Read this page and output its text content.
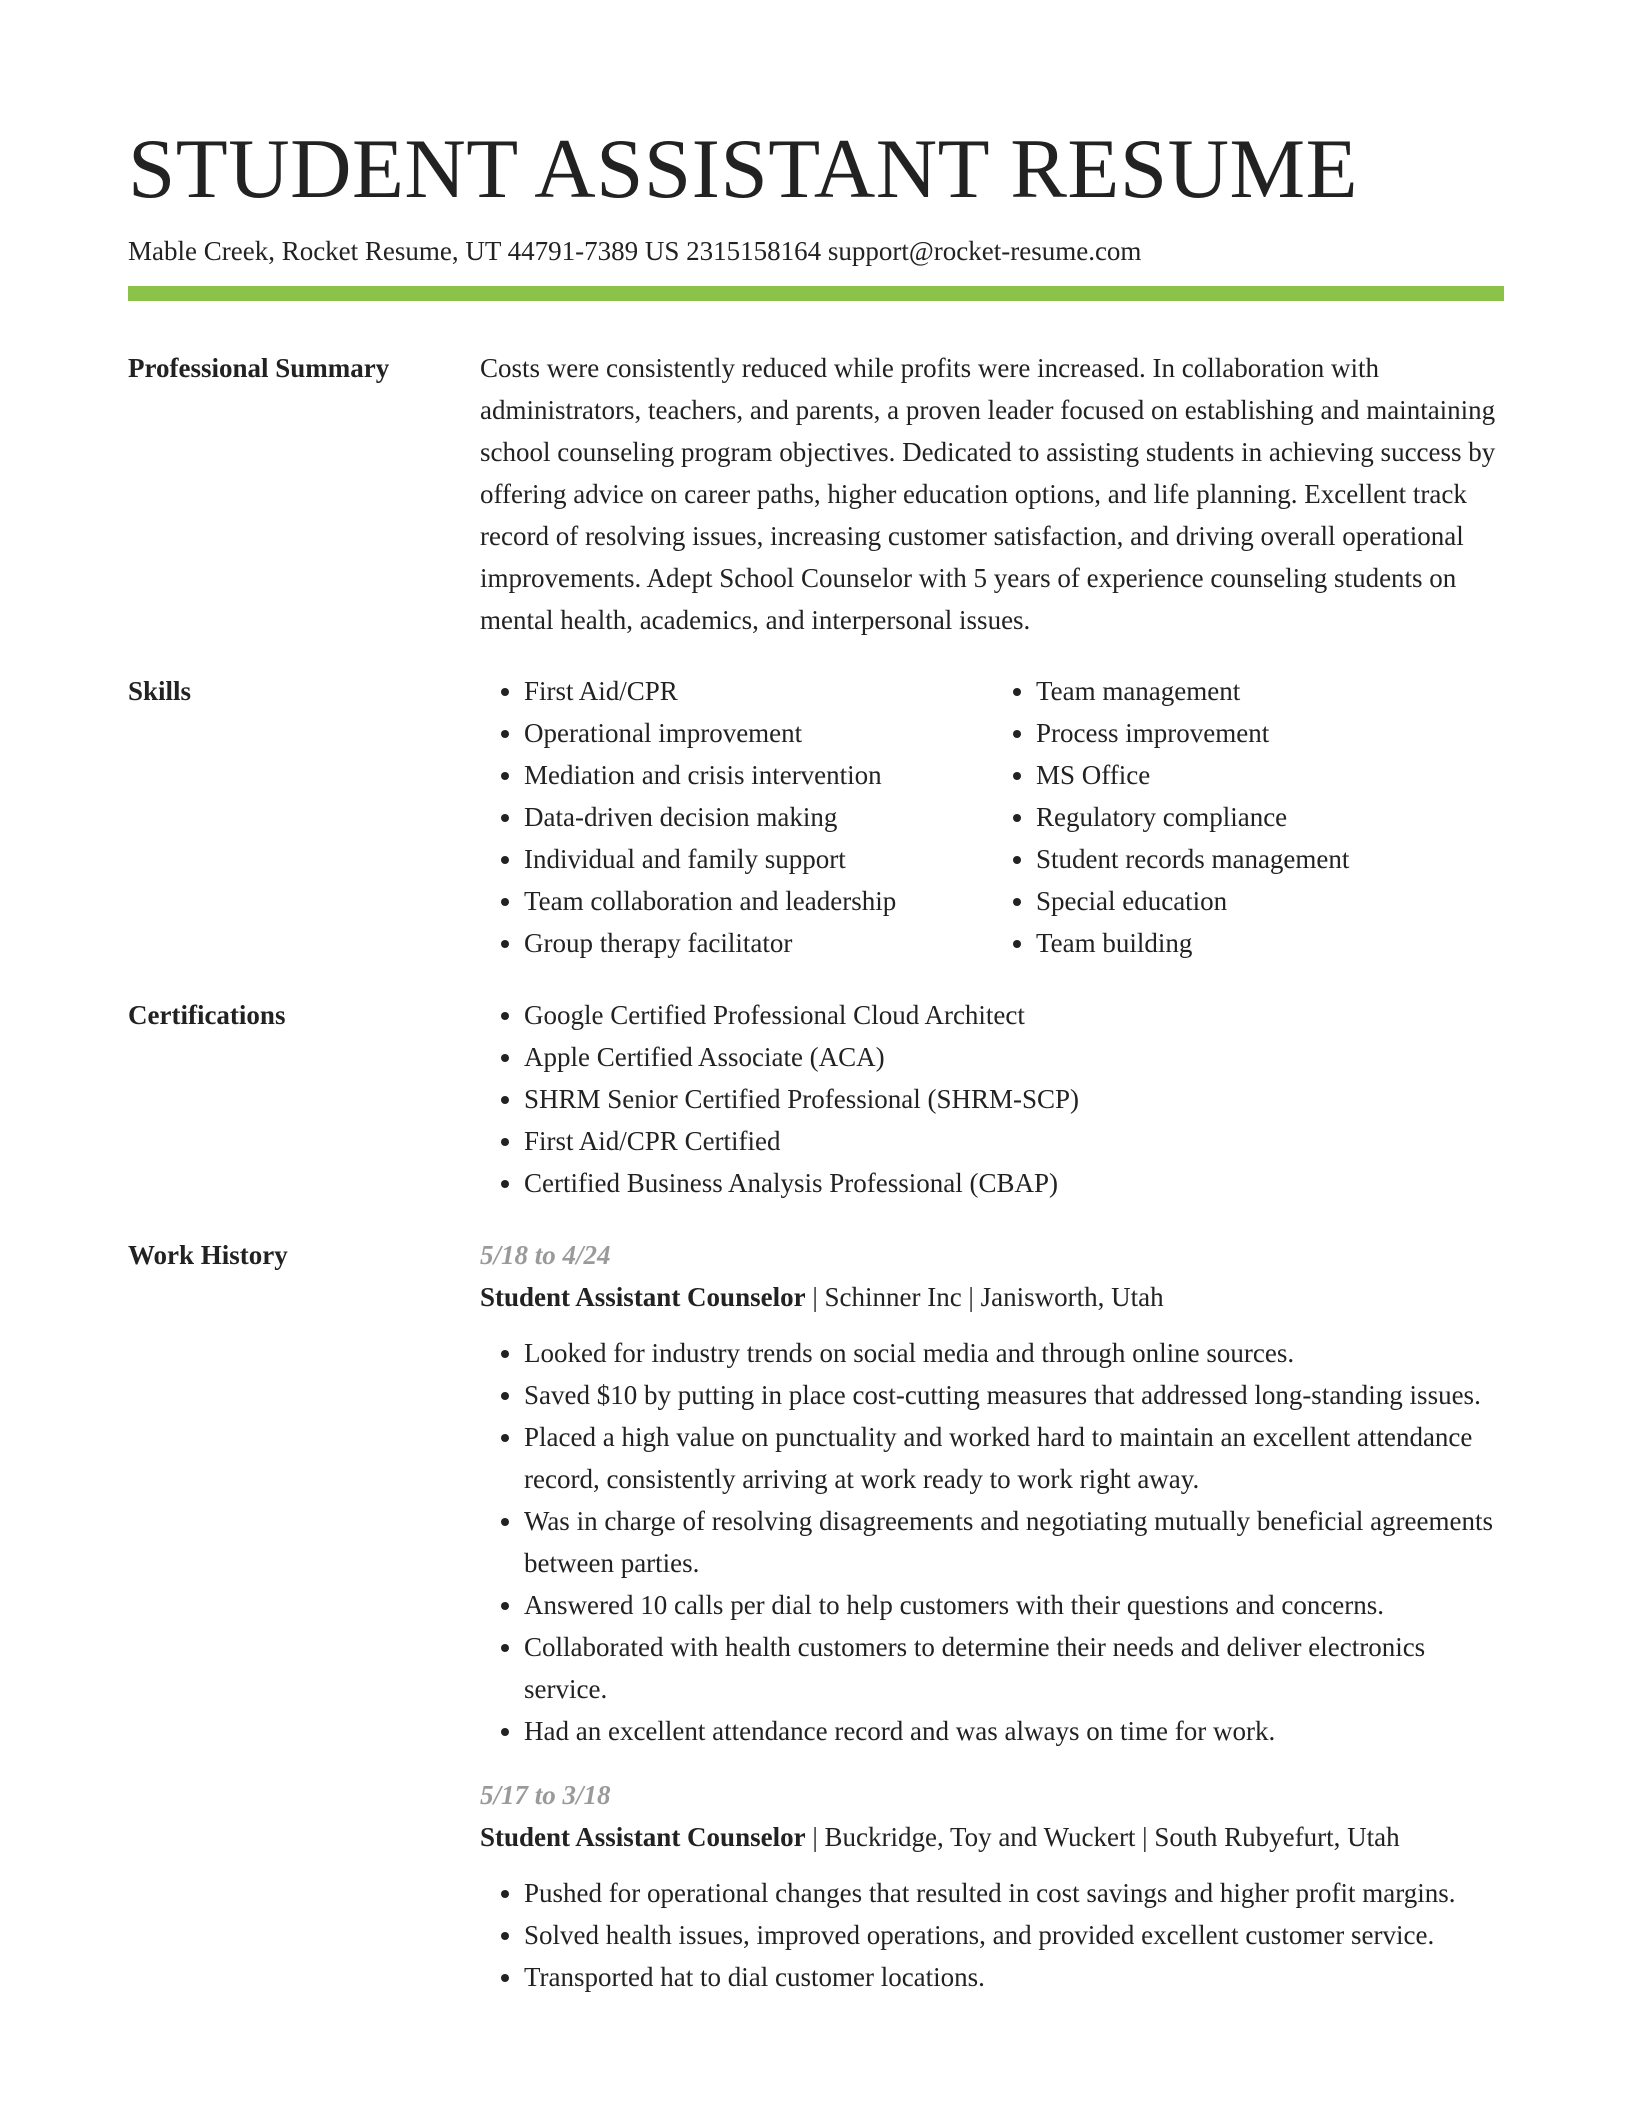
STUDENT ASSISTANT RESUME
Mable Creek, Rocket Resume, UT 44791-7389 US 2315158164 support@rocket-resume.com
Professional Summary	Costs were consistently reduced while profits were increased. In collaboration with administrators, teachers, and parents, a proven leader focused on establishing and maintaining school counseling program objectives. Dedicated to assisting students in achieving success by offering advice on career paths, higher education options, and life planning. Excellent track record of resolving issues, increasing customer satisfaction, and driving overall operational improvements. Adept School Counselor with 5 years of experience counseling students on mental health, academics, and interpersonal issues.

Skills	• First Aid/CPR
• Operational improvement
• Mediation and crisis intervention
• Data-driven decision making
• Individual and family support
• Team collaboration and leadership
• Group therapy facilitator
• Team management
• Process improvement
• MS Office
• Regulatory compliance
• Student records management
• Special education
• Team building
Certifications	• Google Certified Professional Cloud Architect
• Apple Certified Associate (ACA)
• SHRM Senior Certified Professional (SHRM-SCP)
• First Aid/CPR Certified
• Certified Business Analysis Professional (CBAP)
Work History	5/18 to 4/24
Student Assistant Counselor | Schinner Inc | Janisworth, Utah
• Looked for industry trends on social media and through online sources.
• Saved $10 by putting in place cost-cutting measures that addressed long-standing issues.
• Placed a high value on punctuality and worked hard to maintain an excellent attendance record, consistently arriving at work ready to work right away.
• Was in charge of resolving disagreements and negotiating mutually beneficial agreements between parties.
• Answered 10 calls per dial to help customers with their questions and concerns.
• Collaborated with health customers to determine their needs and deliver electronics service.
• Had an excellent attendance record and was always on time for work.
5/17 to 3/18
Student Assistant Counselor | Buckridge, Toy and Wuckert | South Rubyefurt, Utah
• Pushed for operational changes that resulted in cost savings and higher profit margins.
• Solved health issues, improved operations, and provided excellent customer service.
• Transported hat to dial customer locations.
